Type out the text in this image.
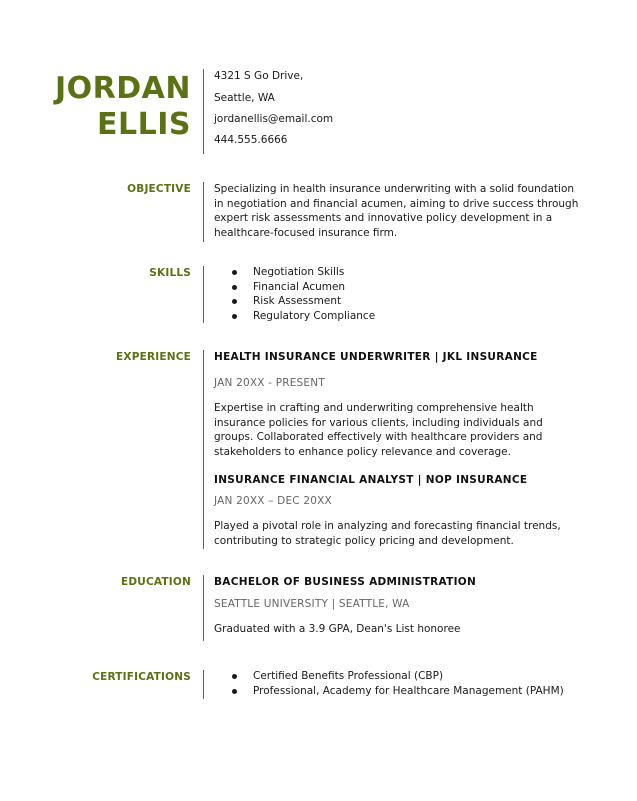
JORDAN
ELLIS
4321 S Go Drive,
Seattle, WA
jordanellis@email.com
444.555.6666
OBJECTIVE Specializing in health insurance underwriting with a solid foundation in negotiation and financial acumen, aiming to drive success through expert risk assessments and innovative policy development in a healthcare-focused insurance firm.
SKILLS	Negotiation Skills
Financial Acumen
Risk Assessment
Regulatory Compliance
EXPERIENCE HEALTH INSURANCE UNDERWRITER | JKL INSURANCE
JAN 20XX - PRESENT
Expertise in crafting and underwriting comprehensive health insurance policies for various clients, including individuals and groups. Collaborated effectively with healthcare providers and stakeholders to enhance policy relevance and coverage.
INSURANCE FINANCIAL ANALYST | NOP INSURANCE
JAN 20XX – DEC 20XX
Played a pivotal role in analyzing and forecasting financial trends, contributing to strategic policy pricing and development.
EDUCATION BACHELOR OF BUSINESS ADMINISTRATION
SEATTLE UNIVERSITY | SEATTLE, WA
Graduated with a 3.9 GPA, Dean's List honoree
CERTIFICATIONS	Certified Benefits Professional (CBP)
Professional, Academy for Healthcare Management (PAHM)
